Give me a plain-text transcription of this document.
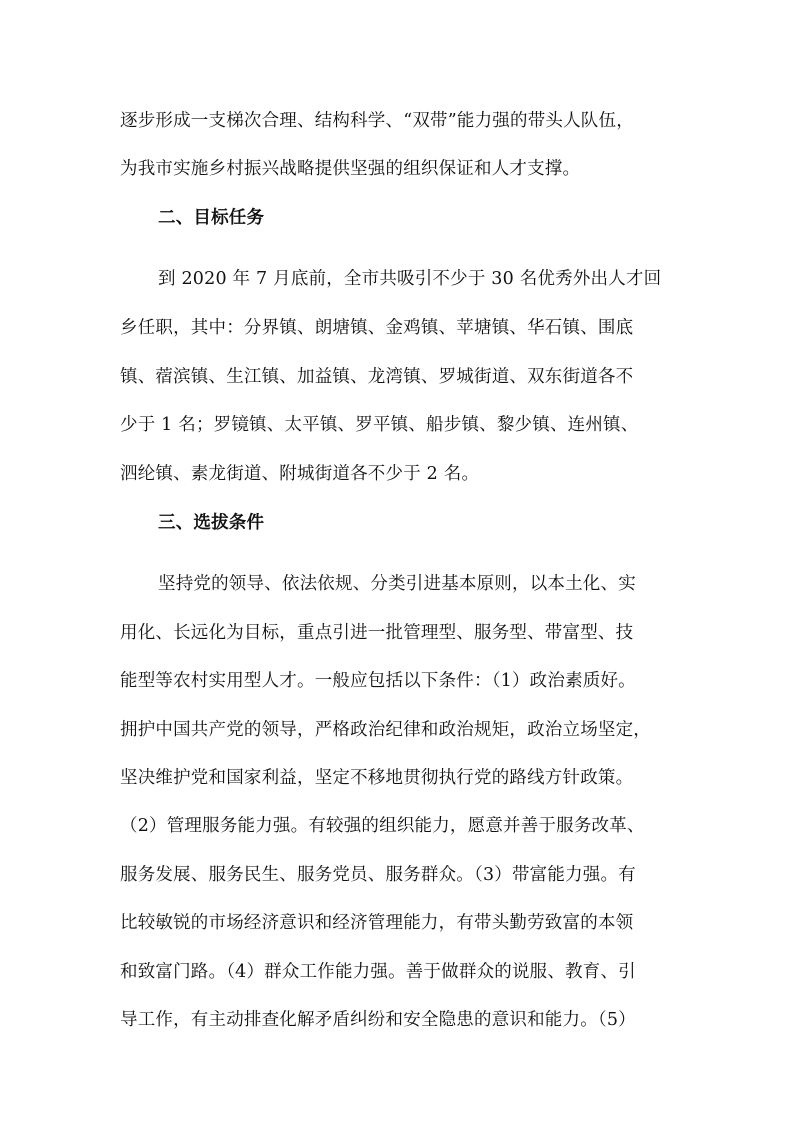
逐步形成一支梯次合理、结构科学、“双带”能力强的带头人队伍，
为我市实施乡村振兴战略提供坚强的组织保证和人才支撑。
二、目标任务
到 2020 年 7 月底前，全市共吸引不少于 30 名优秀外出人才回
乡任职，其中：分界镇、朗塘镇、金鸡镇、苹塘镇、华石镇、围底
镇、蓿滨镇、生江镇、加益镇、龙湾镇、罗城街道、双东街道各不
少于 1 名；罗镜镇、太平镇、罗平镇、船步镇、黎少镇、连州镇、
泗纶镇、素龙街道、附城街道各不少于 2 名。
三、选拔条件
坚持党的领导、依法依规、分类引进基本原则，以本土化、实
用化、长远化为目标，重点引进一批管理型、服务型、带富型、技
能型等农村实用型人才。一般应包括以下条件：（1）政治素质好。
拥护中国共产党的领导，严格政治纪律和政治规矩，政治立场坚定，
坚决维护党和国家利益，坚定不移地贯彻执行党的路线方针政策。
（2）管理服务能力强。有较强的组织能力，愿意并善于服务改革、
服务发展、服务民生、服务党员、服务群众。（3）带富能力强。有
比较敏锐的市场经济意识和经济管理能力，有带头勤劳致富的本领
和致富门路。（4）群众工作能力强。善于做群众的说服、教育、引
导工作，有主动排查化解矛盾纠纷和安全隐患的意识和能力。（5）
